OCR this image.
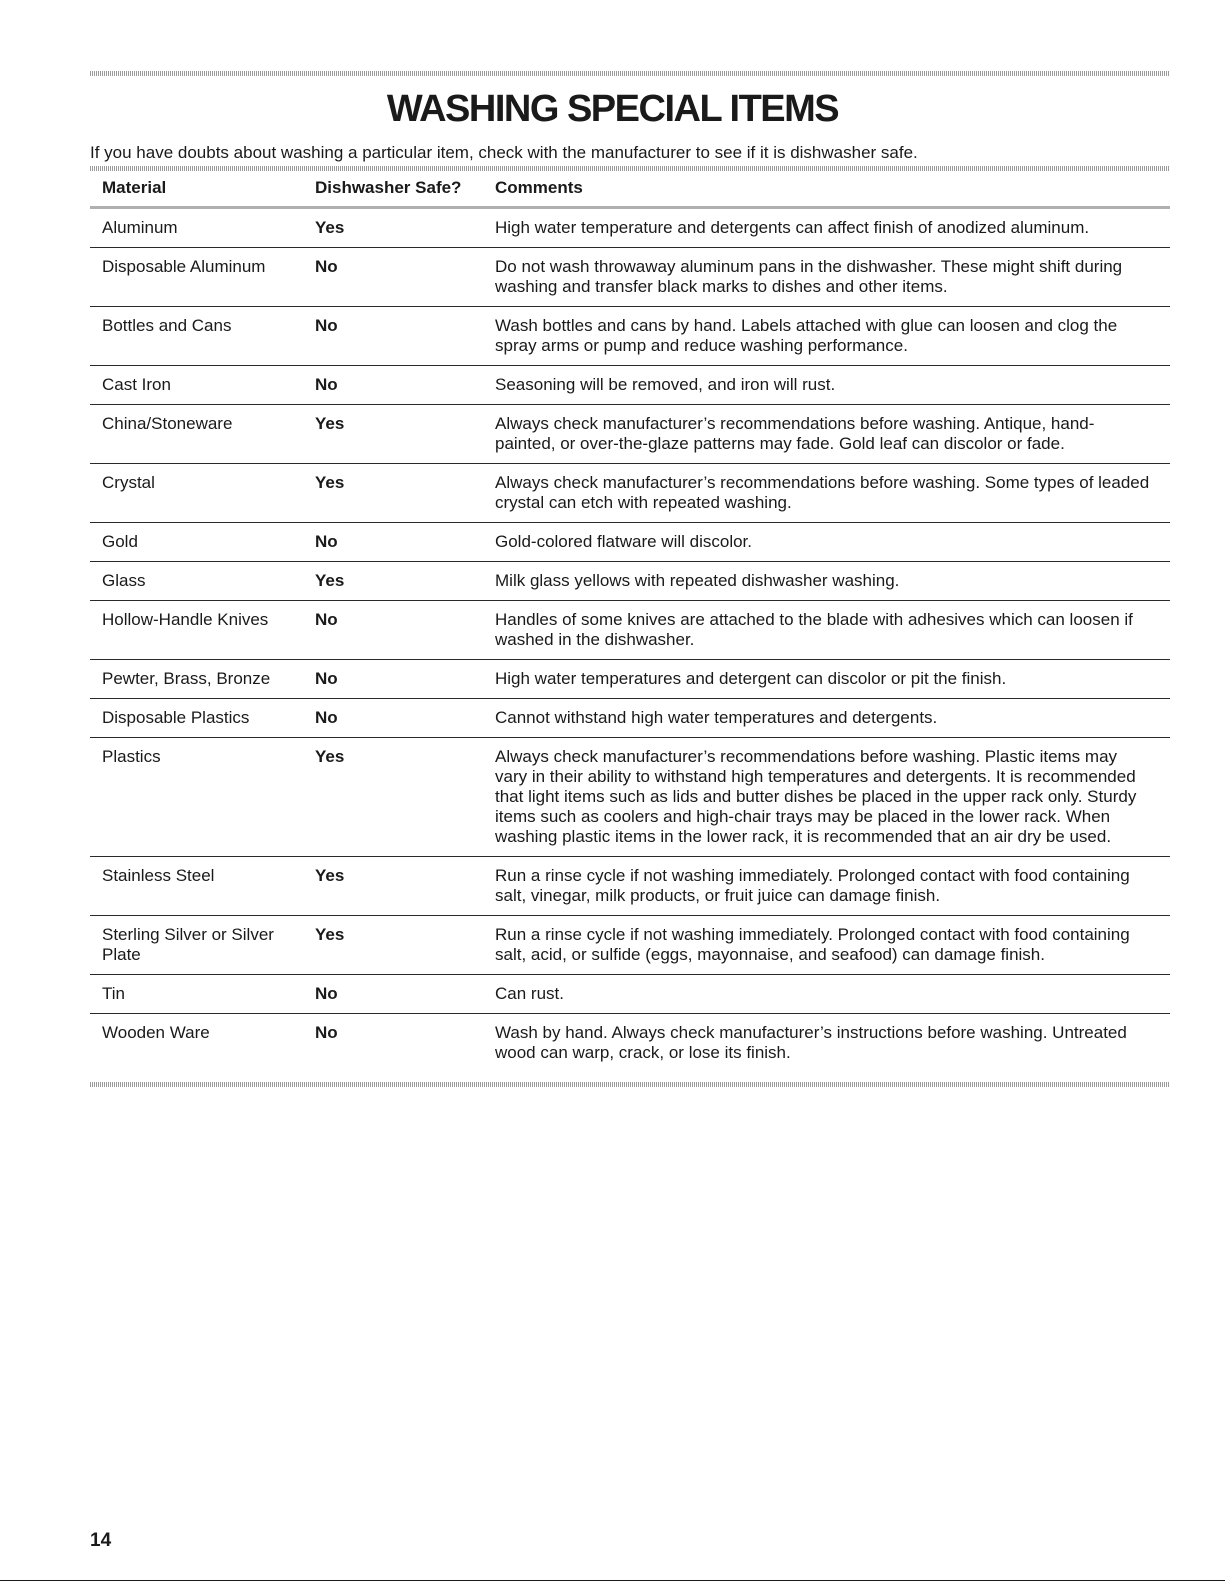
WASHING SPECIAL ITEMS

If you have doubts about washing a particular item, check with the manufacturer to see if it is dishwasher safe.

Material	Dishwasher Safe?	Comments
Aluminum	Yes	High water temperature and detergents can affect finish of anodized aluminum.
Disposable Aluminum	No	Do not wash throwaway aluminum pans in the dishwasher. These might shift during washing and transfer black marks to dishes and other items.
Bottles and Cans	No	Wash bottles and cans by hand. Labels attached with glue can loosen and clog the spray arms or pump and reduce washing performance.
Cast Iron	No	Seasoning will be removed, and iron will rust.
China/Stoneware	Yes	Always check manufacturer’s recommendations before washing. Antique, hand-painted, or over-the-glaze patterns may fade. Gold leaf can discolor or fade.
Crystal	Yes	Always check manufacturer’s recommendations before washing. Some types of leaded crystal can etch with repeated washing.
Gold	No	Gold-colored flatware will discolor.
Glass	Yes	Milk glass yellows with repeated dishwasher washing.
Hollow-Handle Knives	No	Handles of some knives are attached to the blade with adhesives which can loosen if washed in the dishwasher.
Pewter, Brass, Bronze	No	High water temperatures and detergent can discolor or pit the finish.
Disposable Plastics	No	Cannot withstand high water temperatures and detergents.
Plastics	Yes	Always check manufacturer’s recommendations before washing. Plastic items may vary in their ability to withstand high temperatures and detergents. It is recommended that light items such as lids and butter dishes be placed in the upper rack only. Sturdy items such as coolers and high-chair trays may be placed in the lower rack. When washing plastic items in the lower rack, it is recommended that an air dry be used.
Stainless Steel	Yes	Run a rinse cycle if not washing immediately. Prolonged contact with food containing salt, vinegar, milk products, or fruit juice can damage finish.
Sterling Silver or Silver Plate	Yes	Run a rinse cycle if not washing immediately. Prolonged contact with food containing salt, acid, or sulfide (eggs, mayonnaise, and seafood) can damage finish.
Tin	No	Can rust.
Wooden Ware	No	Wash by hand. Always check manufacturer’s instructions before washing. Untreated wood can warp, crack, or lose its finish.
14
